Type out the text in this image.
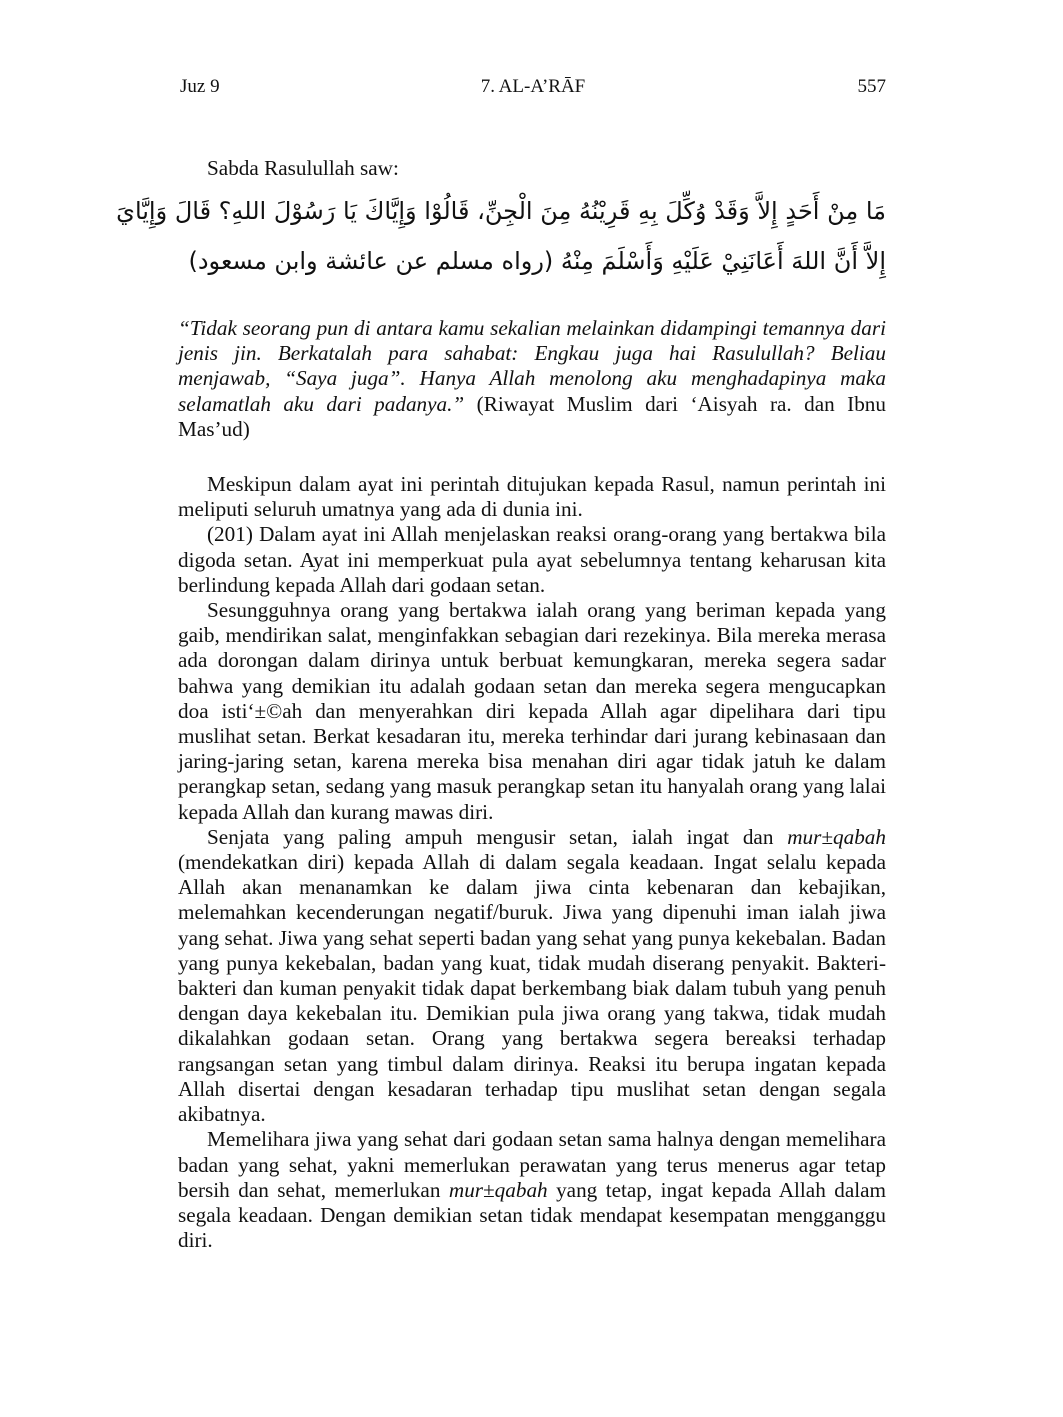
Juz 9	7. AL-A’RĀF	557

Sabda Rasulullah saw:

مَا مِنْ أَحَدٍ إِلاَّ وَقَدْ وُكِّلَ بِهِ قَرِيْنُهُ مِنَ الْجِنِّ، قَالُوْا وَإِيَّاكَ يَا رَسُوْلَ اللهِ؟ قَالَ وَإِيَّايَ

إِلاَّ أَنَّ اللهَ أَعَانَنِيْ عَلَيْهِ وَأَسْلَمَ مِنْهُ (رواه مسلم عن عائشة وابن مسعود)

“Tidak seorang pun di antara kamu sekalian melainkan didampingi temannya dari jenis jin. Berkatalah para sahabat: Engkau juga hai Rasulullah? Beliau menjawab, “Saya juga”. Hanya Allah menolong aku menghadapinya maka selamatlah aku dari padanya.” (Riwayat Muslim dari ‘Aisyah ra. dan Ibnu Mas’ud)

Meskipun dalam ayat ini perintah ditujukan kepada Rasul, namun perintah ini meliputi seluruh umatnya yang ada di dunia ini.

(201) Dalam ayat ini Allah menjelaskan reaksi orang-orang yang bertakwa bila digoda setan. Ayat ini memperkuat pula ayat sebelumnya tentang keharusan kita berlindung kepada Allah dari godaan setan.

Sesungguhnya orang yang bertakwa ialah orang yang beriman kepada yang gaib, mendirikan salat, menginfakkan sebagian dari rezekinya. Bila mereka merasa ada dorongan dalam dirinya untuk berbuat kemungkaran, mereka segera sadar bahwa yang demikian itu adalah godaan setan dan mereka segera mengucapkan doa isti‘±©ah dan menyerahkan diri kepada Allah agar dipelihara dari tipu muslihat setan. Berkat kesadaran itu, mereka terhindar dari jurang kebinasaan dan jaring-jaring setan, karena mereka bisa menahan diri agar tidak jatuh ke dalam perangkap setan, sedang yang masuk perangkap setan itu hanyalah orang yang lalai kepada Allah dan kurang mawas diri.

Senjata yang paling ampuh mengusir setan, ialah ingat dan mur±qabah (mendekatkan diri) kepada Allah di dalam segala keadaan. Ingat selalu kepada Allah akan menanamkan ke dalam jiwa cinta kebenaran dan kebajikan, melemahkan kecenderungan negatif/buruk. Jiwa yang dipenuhi iman ialah jiwa yang sehat. Jiwa yang sehat seperti badan yang sehat yang punya kekebalan. Badan yang punya kekebalan, badan yang kuat, tidak mudah diserang penyakit. Bakteri-bakteri dan kuman penyakit tidak dapat berkembang biak dalam tubuh yang penuh dengan daya kekebalan itu. Demikian pula jiwa orang yang takwa, tidak mudah dikalahkan godaan setan. Orang yang bertakwa segera bereaksi terhadap rangsangan setan yang timbul dalam dirinya. Reaksi itu berupa ingatan kepada Allah disertai dengan kesadaran terhadap tipu muslihat setan dengan segala akibatnya.

Memelihara jiwa yang sehat dari godaan setan sama halnya dengan memelihara badan yang sehat, yakni memerlukan perawatan yang terus menerus agar tetap bersih dan sehat, memerlukan mur±qabah yang tetap, ingat kepada Allah dalam segala keadaan. Dengan demikian setan tidak mendapat kesempatan mengganggu diri.
